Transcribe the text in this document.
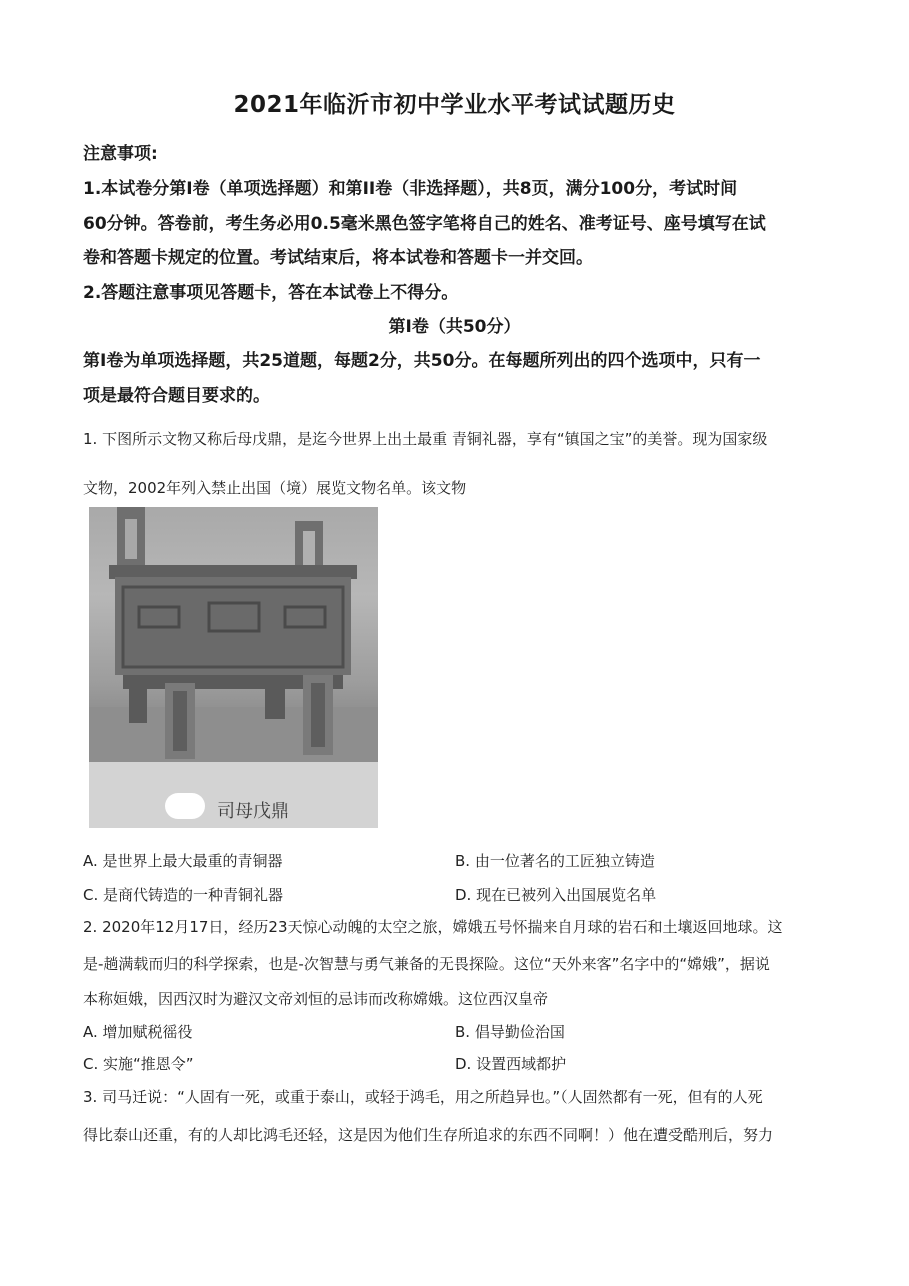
2021年临沂市初中学业水平考试试题历史
注意事项:
1.本试卷分第Ⅰ卷（单项选择题）和第II卷（非选择题），共8页，满分100分，考试时间
60分钟。答卷前，考生务必用0.5毫米黑色签字笔将自己的姓名、准考证号、座号填写在试
卷和答题卡规定的位置。考试结束后，将本试卷和答题卡一并交回。
2.答题注意事项见答题卡，答在本试卷上不得分。
第Ⅰ卷（共50分）
第Ⅰ卷为单项选择题，共25道题，每题2分，共50分。在每题所列出的四个选项中，只有一
项是最符合题目要求的。
1. 下图所示文物又称后母戊鼎，是迄今世界上出土最重 青铜礼器，享有“镇国之宝”的美誉。现为国家级
文物，2002年列入禁止出国（境）展览文物名单。该文物
司母戊鼎
A. 是世界上最大最重的青铜器	B. 由一位著名的工匠独立铸造
C. 是商代铸造的一种青铜礼器	D. 现在已被列入出国展览名单
2. 2020年12月17日，经历23天惊心动魄的太空之旅，嫦娥五号怀揣来自月球的岩石和土壤返回地球。这
是-趟满载而归的科学探索，也是-次智慧与勇气兼备的无畏探险。这位“天外来客”名字中的“嫦娥”，据说
本称姮娥，因西汉时为避汉文帝刘恒的忌讳而改称嫦娥。这位西汉皇帝
A. 增加赋税徭役	B. 倡导勤俭治国
C. 实施“推恩令”	D. 设置西域都护
3. 司马迁说：“人固有一死，或重于泰山，或轻于鸿毛，用之所趋异也。”（人固然都有一死，但有的人死
得比泰山还重，有的人却比鸿毛还轻，这是因为他们生存所追求的东西不同啊！）他在遭受酷刑后，努力
